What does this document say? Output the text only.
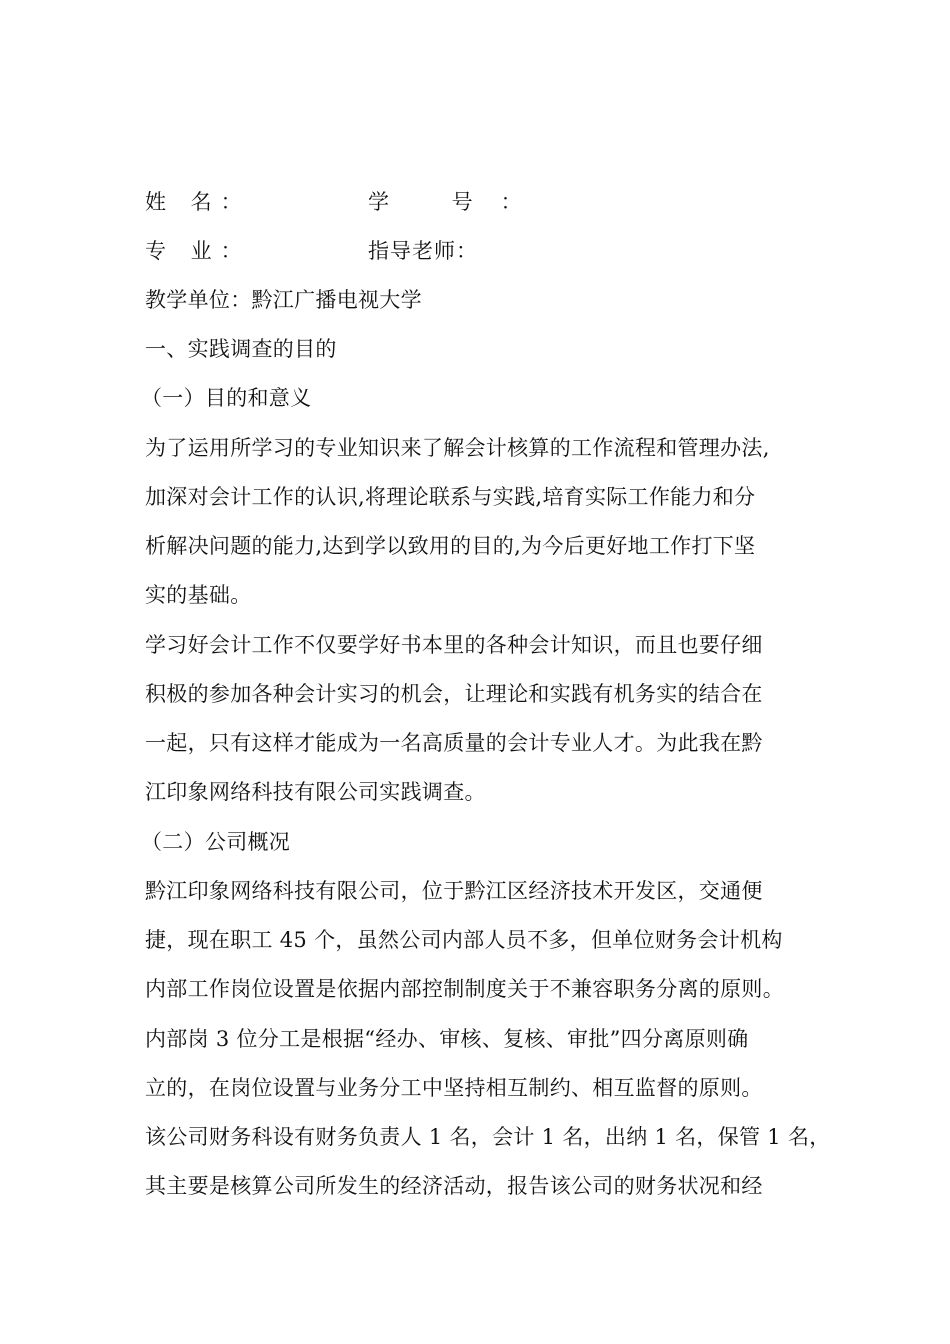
姓 名：	学 号：
专 业：	指导老师：
教学单位：黔江广播电视大学
一、实践调查的目的
（一）目的和意义
为了运用所学习的专业知识来了解会计核算的工作流程和管理办法,
加深对会计工作的认识,将理论联系与实践,培育实际工作能力和分
析解决问题的能力,达到学以致用的目的,为今后更好地工作打下坚
实的基础。
学习好会计工作不仅要学好书本里的各种会计知识，而且也要仔细
积极的参加各种会计实习的机会，让理论和实践有机务实的结合在
一起，只有这样才能成为一名高质量的会计专业人才。为此我在黔
江印象网络科技有限公司实践调查。
（二）公司概况
黔江印象网络科技有限公司，位于黔江区经济技术开发区，交通便
捷，现在职工 45 个，虽然公司内部人员不多，但单位财务会计机构
内部工作岗位设置是依据内部控制制度关于不兼容职务分离的原则。
内部岗 3 位分工是根据“经办、审核、复核、审批”四分离原则确
立的，在岗位设置与业务分工中坚持相互制约、相互监督的原则。
该公司财务科设有财务负责人 1 名，会计 1 名，出纳 1 名，保管 1 名，
其主要是核算公司所发生的经济活动，报告该公司的财务状况和经
